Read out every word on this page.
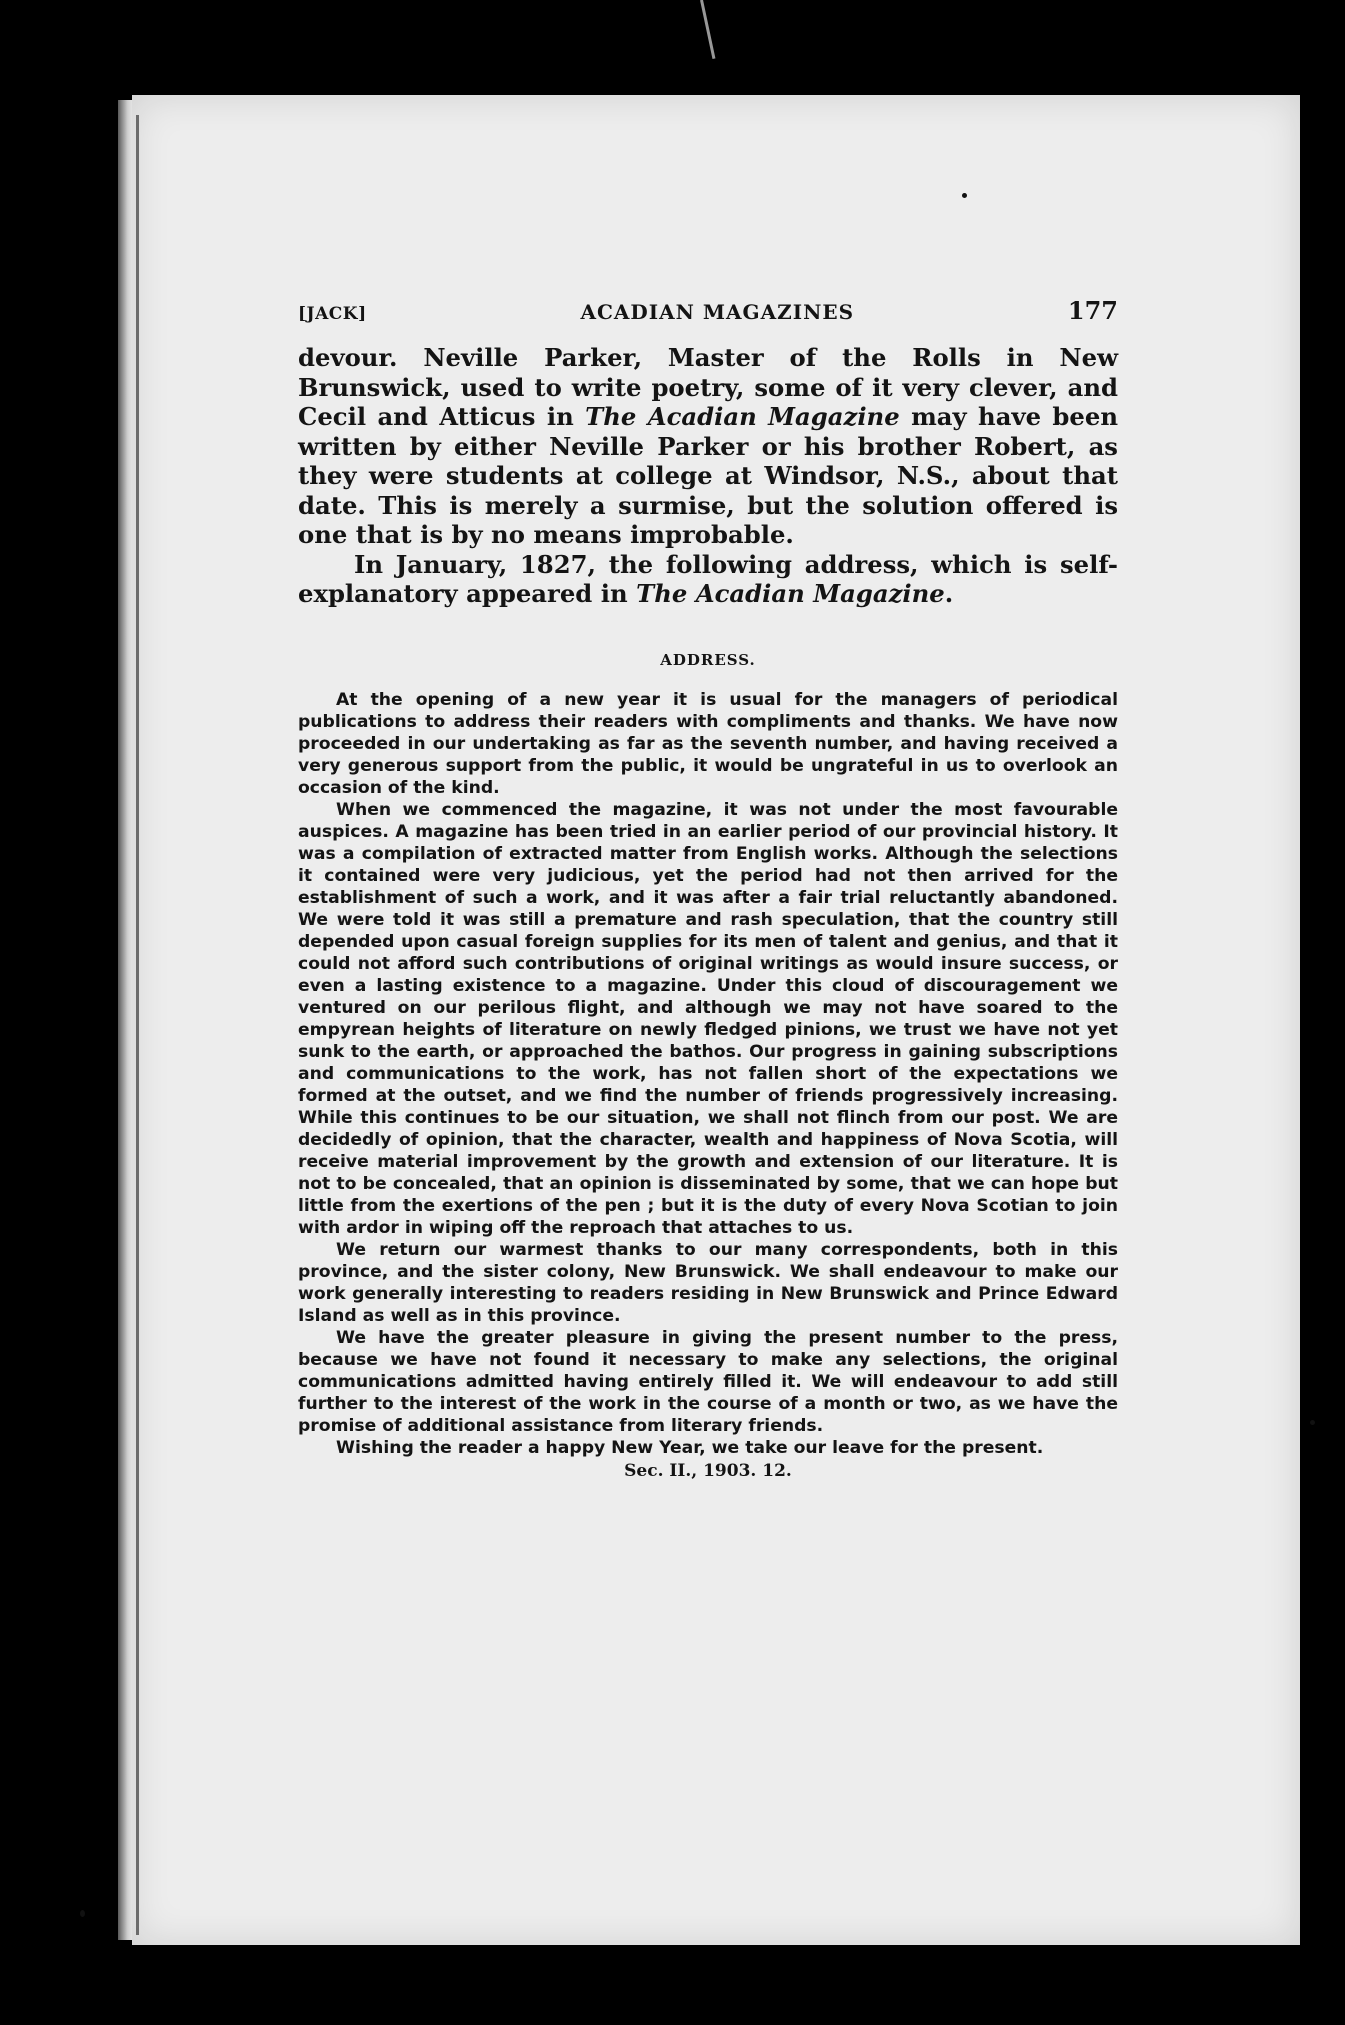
[JACK]	ACADIAN MAGAZINES	177

devour. Neville Parker, Master of the Rolls in New Brunswick, used to write poetry, some of it very clever, and Cecil and Atticus in The Acadian Magazine may have been written by either Neville Parker or his brother Robert, as they were students at college at Windsor, N.S., about that date. This is merely a surmise, but the solution offered is one that is by no means improbable.

In January, 1827, the following address, which is self-explanatory appeared in The Acadian Magazine.

ADDRESS.

At the opening of a new year it is usual for the managers of periodical publications to address their readers with compliments and thanks. We have now proceeded in our undertaking as far as the seventh number, and having received a very generous support from the public, it would be ungrateful in us to overlook an occasion of the kind.

When we commenced the magazine, it was not under the most favourable auspices. A magazine has been tried in an earlier period of our provincial history. It was a compilation of extracted matter from English works. Although the selections it contained were very judicious, yet the period had not then arrived for the establishment of such a work, and it was after a fair trial reluctantly abandoned. We were told it was still a premature and rash speculation, that the country still depended upon casual foreign supplies for its men of talent and genius, and that it could not afford such contributions of original writings as would insure success, or even a lasting existence to a magazine. Under this cloud of discouragement we ventured on our perilous flight, and although we may not have soared to the empyrean heights of literature on newly fledged pinions, we trust we have not yet sunk to the earth, or approached the bathos. Our progress in gaining subscriptions and communications to the work, has not fallen short of the expectations we formed at the outset, and we find the number of friends progressively increasing. While this continues to be our situation, we shall not flinch from our post. We are decidedly of opinion, that the character, wealth and happiness of Nova Scotia, will receive material improvement by the growth and extension of our literature. It is not to be concealed, that an opinion is disseminated by some, that we can hope but little from the exertions of the pen ; but it is the duty of every Nova Scotian to join with ardor in wiping off the reproach that attaches to us.

We return our warmest thanks to our many correspondents, both in this province, and the sister colony, New Brunswick. We shall endeavour to make our work generally interesting to readers residing in New Brunswick and Prince Edward Island as well as in this province.

We have the greater pleasure in giving the present number to the press, because we have not found it necessary to make any selections, the original communications admitted having entirely filled it. We will endeavour to add still further to the interest of the work in the course of a month or two, as we have the promise of additional assistance from literary friends.

Wishing the reader a happy New Year, we take our leave for the present.

Sec. II., 1903. 12.
